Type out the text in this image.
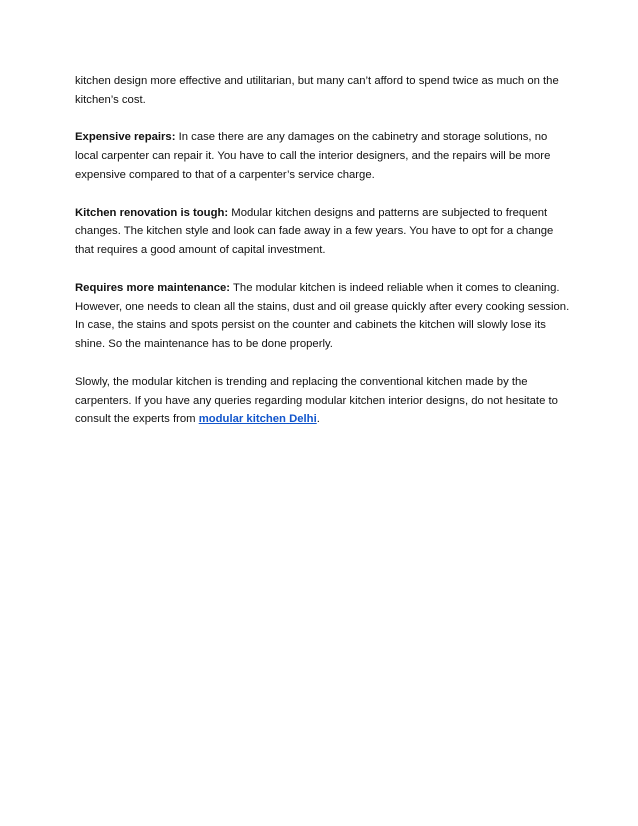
kitchen design more effective and utilitarian, but many can’t afford to spend twice as much on the kitchen’s cost.

Expensive repairs: In case there are any damages on the cabinetry and storage solutions, no local carpenter can repair it. You have to call the interior designers, and the repairs will be more expensive compared to that of a carpenter’s service charge.

Kitchen renovation is tough: Modular kitchen designs and patterns are subjected to frequent changes. The kitchen style and look can fade away in a few years. You have to opt for a change that requires a good amount of capital investment.

Requires more maintenance: The modular kitchen is indeed reliable when it comes to cleaning. However, one needs to clean all the stains, dust and oil grease quickly after every cooking session. In case, the stains and spots persist on the counter and cabinets the kitchen will slowly lose its shine. So the maintenance has to be done properly.

Slowly, the modular kitchen is trending and replacing the conventional kitchen made by the carpenters. If you have any queries regarding modular kitchen interior designs, do not hesitate to consult the experts from modular kitchen Delhi.
